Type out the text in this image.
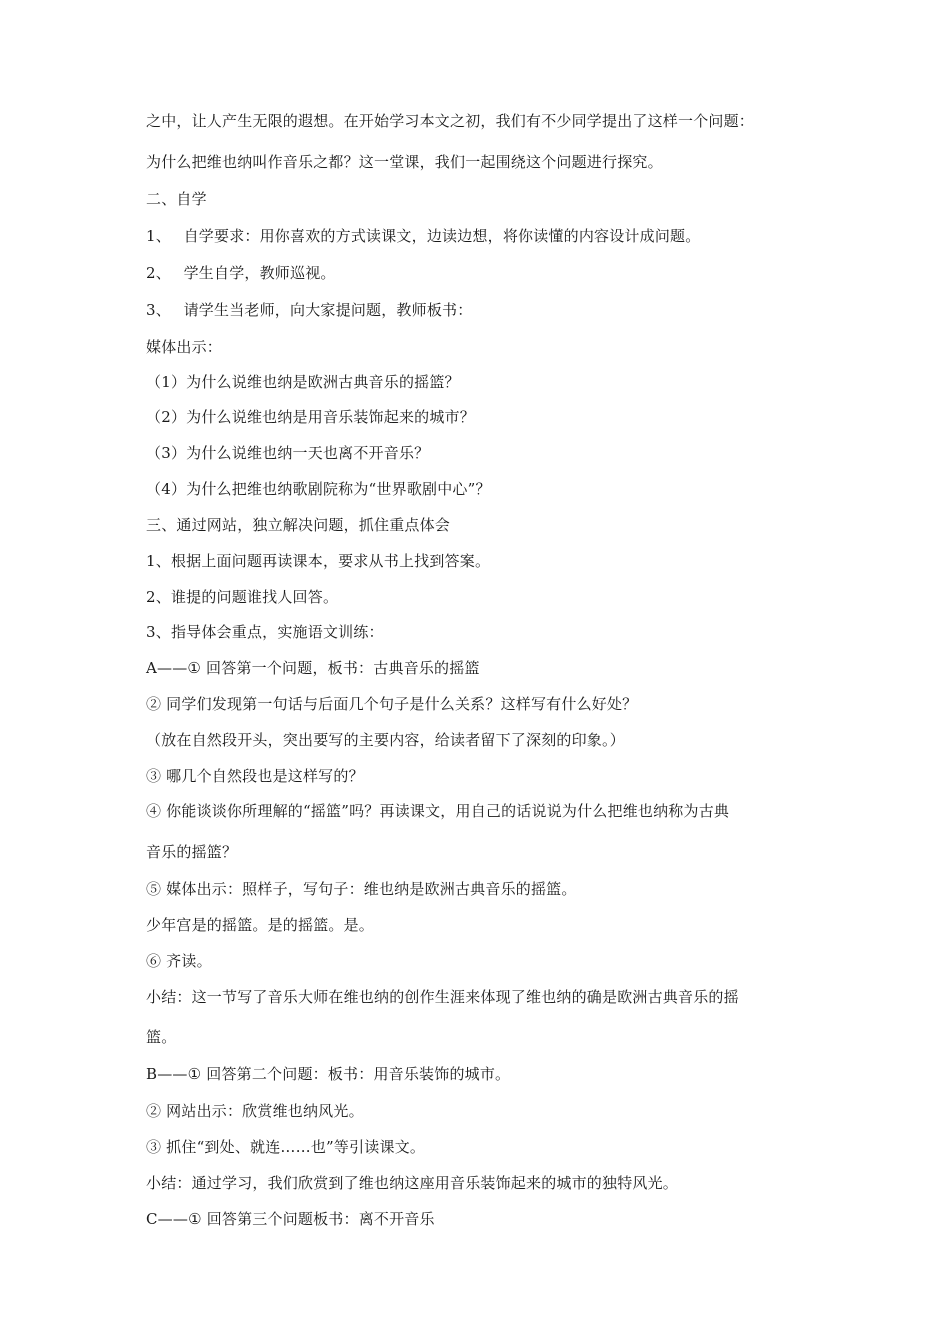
之中，让人产生无限的遐想。在开始学习本文之初，我们有不少同学提出了这样一个问题：
为什么把维也纳叫作音乐之都？这一堂课，我们一起围绕这个问题进行探究。
二、自学
1、　 自学要求：用你喜欢的方式读课文，边读边想，将你读懂的内容设计成问题。
2、　 学生自学，教师巡视。
3、　 请学生当老师，向大家提问题，教师板书：
媒体出示：
（1）为什么说维也纳是欧洲古典音乐的摇篮？
（2）为什么说维也纳是用音乐装饰起来的城市？
（3）为什么说维也纳一天也离不开音乐？
（4）为什么把维也纳歌剧院称为“世界歌剧中心”？
三、通过网站，独立解决问题，抓住重点体会
1、根据上面问题再读课本，要求从书上找到答案。
2、谁提的问题谁找人回答。
3、指导体会重点，实施语文训练：
A——① 回答第一个问题，板书：古典音乐的摇篮
② 同学们发现第一句话与后面几个句子是什么关系？这样写有什么好处？
（放在自然段开头，突出要写的主要内容，给读者留下了深刻的印象。）
③ 哪几个自然段也是这样写的？
④ 你能谈谈你所理解的“摇篮”吗？再读课文，用自己的话说说为什么把维也纳称为古典
音乐的摇篮？
⑤ 媒体出示：照样子，写句子：维也纳是欧洲古典音乐的摇篮。
少年宫是的摇篮。是的摇篮。是。
⑥ 齐读。
小结：这一节写了音乐大师在维也纳的创作生涯来体现了维也纳的确是欧洲古典音乐的摇
篮。
B——① 回答第二个问题：板书：用音乐装饰的城市。
② 网站出示：欣赏维也纳风光。
③ 抓住“到处、就连……也”等引读课文。
小结：通过学习，我们欣赏到了维也纳这座用音乐装饰起来的城市的独特风光。
C——① 回答第三个问题板书：离不开音乐
